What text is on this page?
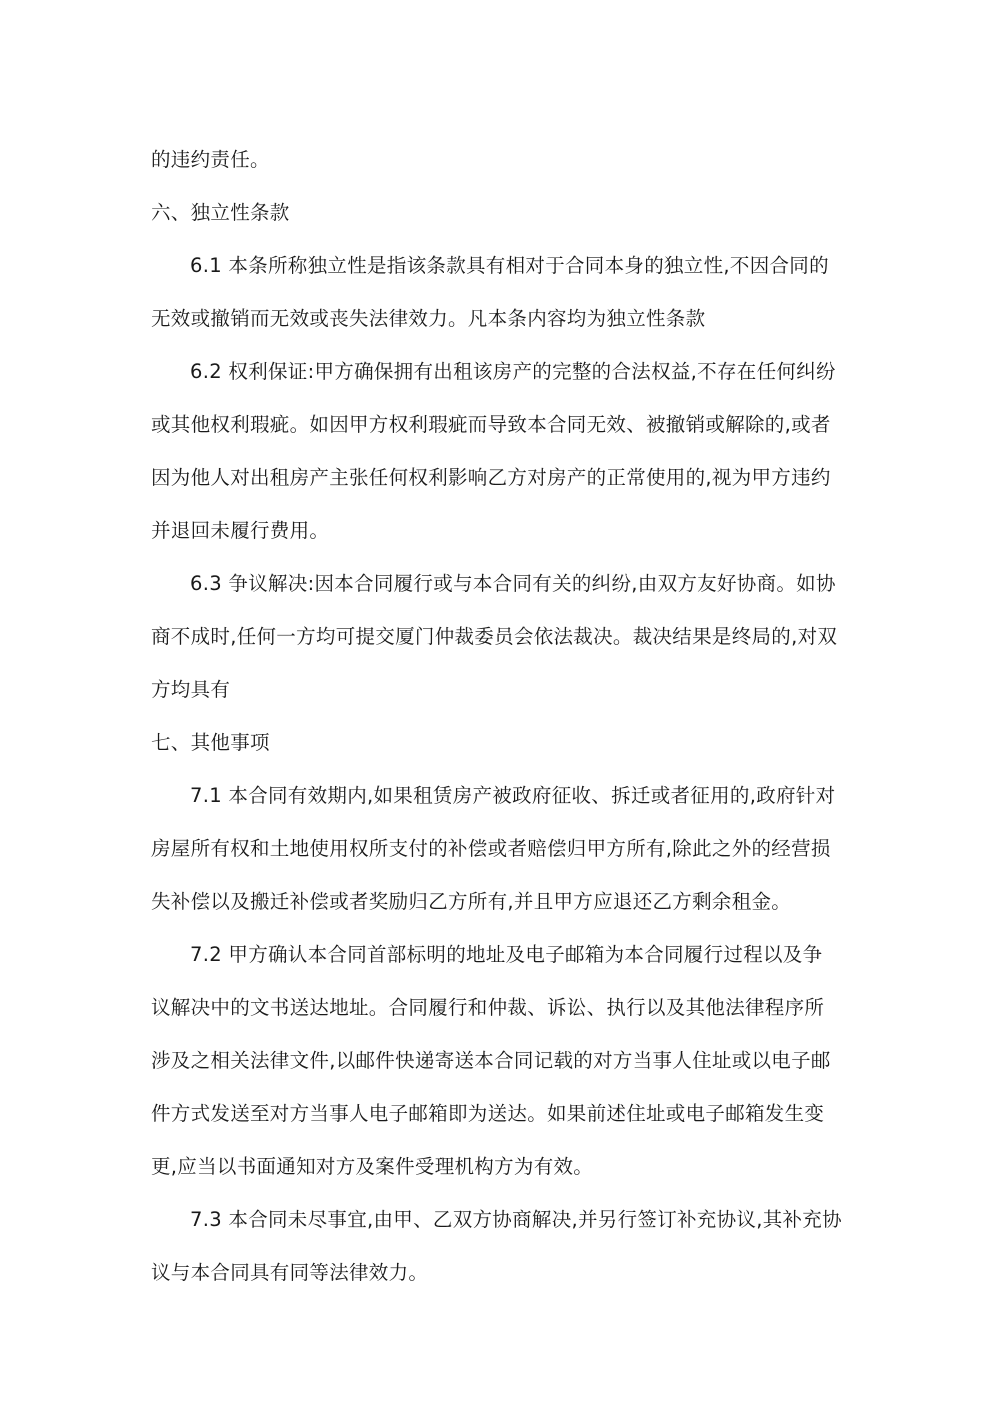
的违约责任。

六、独立性条款

6.1 本条所称独立性是指该条款具有相对于合同本身的独立性,不因合同的

无效或撤销而无效或丧失法律效力。凡本条内容均为独立性条款

6.2 权利保证:甲方确保拥有出租该房产的完整的合法权益,不存在任何纠纷

或其他权利瑕疵。如因甲方权利瑕疵而导致本合同无效、被撤销或解除的,或者

因为他人对出租房产主张任何权利影响乙方对房产的正常使用的,视为甲方违约

并退回未履行费用。

6.3 争议解决:因本合同履行或与本合同有关的纠纷,由双方友好协商。如协

商不成时,任何一方均可提交厦门仲裁委员会依法裁决。裁决结果是终局的,对双

方均具有

七、其他事项

7.1 本合同有效期内,如果租赁房产被政府征收、拆迁或者征用的,政府针对

房屋所有权和土地使用权所支付的补偿或者赔偿归甲方所有,除此之外的经营损

失补偿以及搬迁补偿或者奖励归乙方所有,并且甲方应退还乙方剩余租金。

7.2 甲方确认本合同首部标明的地址及电子邮箱为本合同履行过程以及争

议解决中的文书送达地址。合同履行和仲裁、诉讼、执行以及其他法律程序所

涉及之相关法律文件,以邮件快递寄送本合同记载的对方当事人住址或以电子邮

件方式发送至对方当事人电子邮箱即为送达。如果前述住址或电子邮箱发生变

更,应当以书面通知对方及案件受理机构方为有效。

7.3 本合同未尽事宜,由甲、乙双方协商解决,并另行签订补充协议,其补充协

议与本合同具有同等法律效力。
